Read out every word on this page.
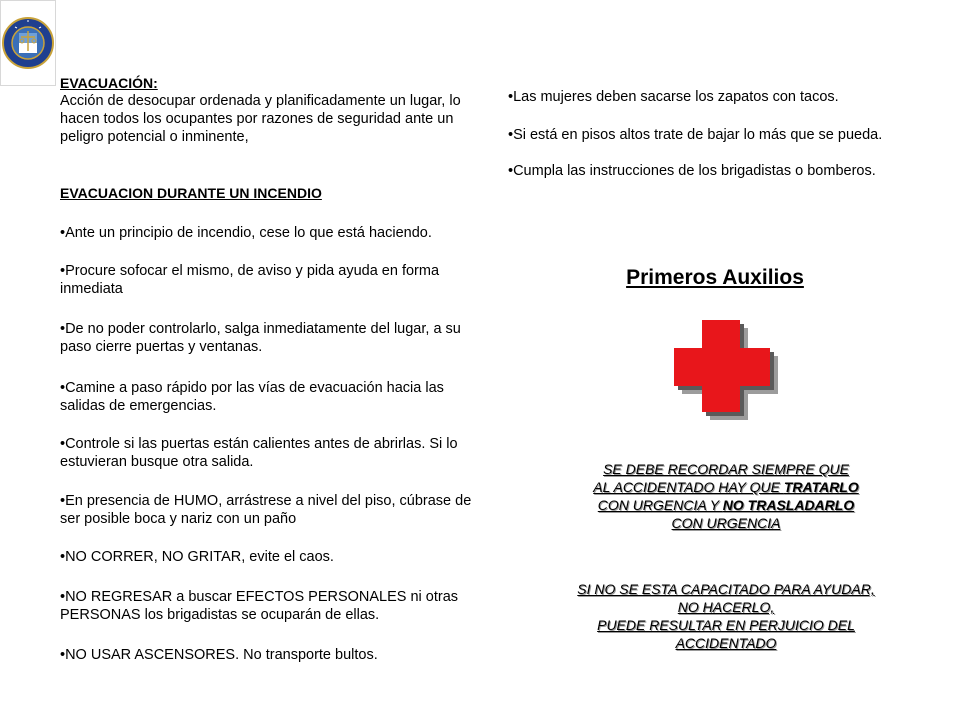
EVACUACIÓN:
Acción de desocupar ordenada y planificadamente un lugar, lo hacen todos los ocupantes por razones de seguridad ante un peligro potencial o inminente,
EVACUACION DURANTE UN INCENDIO
•Ante un principio de incendio, cese lo que está haciendo.
•Procure sofocar el mismo, de aviso y pida ayuda en forma inmediata
•De no poder controlarlo, salga inmediatamente del lugar, a su paso cierre puertas y ventanas.
•Camine a paso rápido por las vías de evacuación hacia las salidas de emergencias.
•Controle si las puertas están calientes antes de abrirlas. Si lo estuvieran busque otra salida.
•En presencia de HUMO, arrástrese a nivel del piso, cúbrase de ser posible boca y nariz con un paño
•NO CORRER, NO GRITAR, evite el caos.
•NO REGRESAR a buscar EFECTOS PERSONALES ni otras PERSONAS los brigadistas se ocuparán de ellas.
•NO USAR ASCENSORES. No transporte bultos.
•Las mujeres deben sacarse los zapatos con tacos.
•Si está en pisos altos trate de bajar lo más que se pueda.
•Cumpla las instrucciones de los brigadistas o bomberos.
Primeros Auxilios
SE DEBE RECORDAR SIEMPRE QUE
AL ACCIDENTADO HAY QUE TRATARLO
CON URGENCIA Y NO TRASLADARLO
CON URGENCIA
SI NO SE ESTA CAPACITADO PARA AYUDAR,
NO HACERLO,
PUEDE RESULTAR EN PERJUICIO DEL
ACCIDENTADO
